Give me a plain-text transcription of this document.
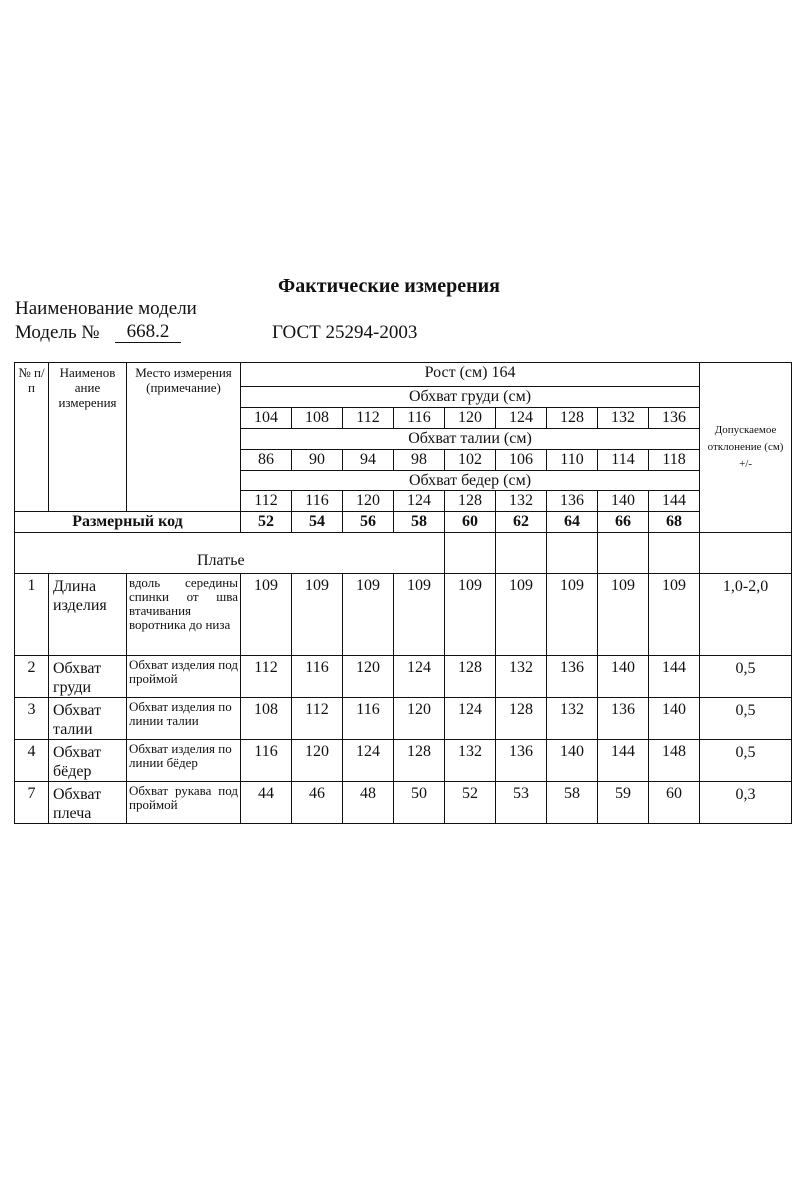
Фактические измерения
Наименование модели
Модель №	668.2	ГОСТ 25294-2003
№ п/п	Наименов ание измерения	Место измерения (примечание)	Рост (см) 164									Допускаемое отклонение (см) +/-
			Обхват груди (см)									
			104	108	112	116	120	124	128	132	136	
			Обхват талии (см)									
			86	90	94	98	102	106	110	114	118	
			Обхват бедер (см)									
			112	116	120	124	128	132	136	140	144	
Размерный код			52	54	56	58	60	62	64	66	68	
Платье												
1	Длина изделия	вдоль середины спинки от шва втачивания воротника до низа	109	109	109	109	109	109	109	109	109	1,0-2,0
2	Обхват груди	Обхват изделия под проймой	112	116	120	124	128	132	136	140	144	0,5
3	Обхват талии	Обхват изделия по линии талии	108	112	116	120	124	128	132	136	140	0,5
4	Обхват бёдер	Обхват изделия по линии бёдер	116	120	124	128	132	136	140	144	148	0,5
7	Обхват плеча	Обхват рукава под проймой	44	46	48	50	52	53	58	59	60	0,3
